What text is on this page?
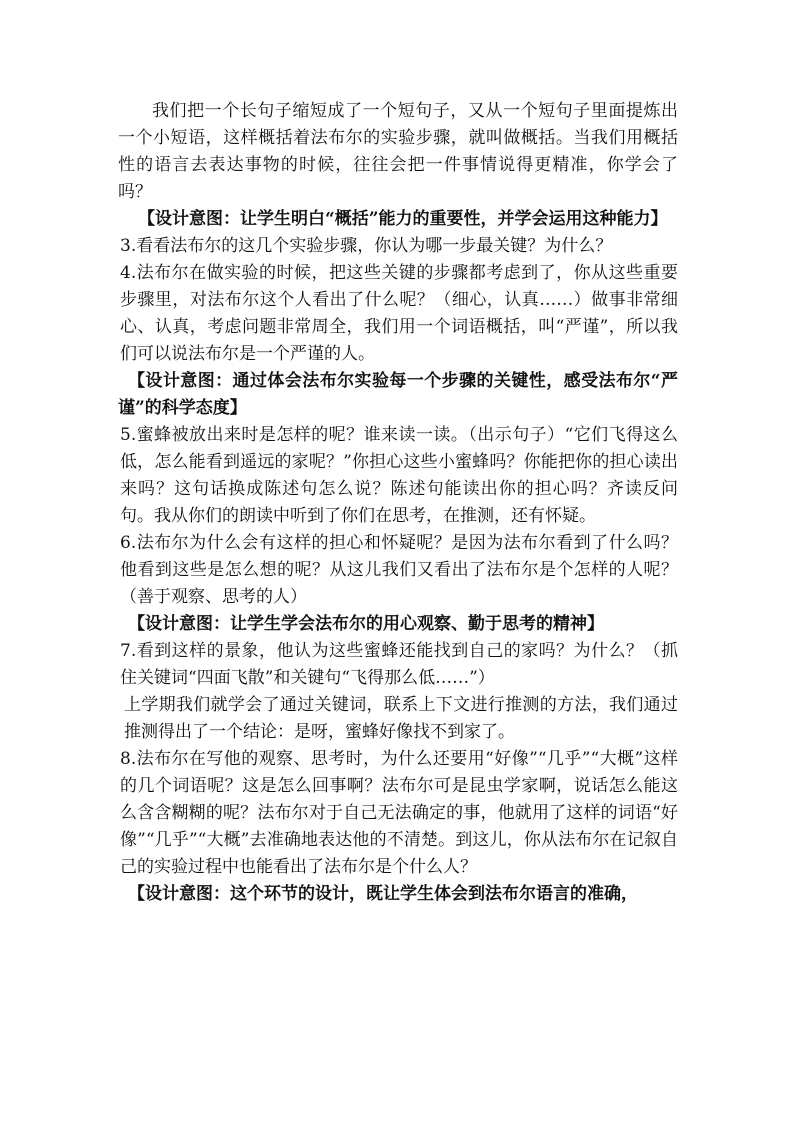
我们把一个长句子缩短成了一个短句子，又从一个短句子里面提炼出一个小短语，这样概括着法布尔的实验步骤，就叫做概括。当我们用概括性的语言去表达事物的时候，往往会把一件事情说得更精准，你学会了吗？

【设计意图：让学生明白“概括”能力的重要性，并学会运用这种能力】

3.看看法布尔的这几个实验步骤，你认为哪一步最关键？为什么？

4.法布尔在做实验的时候，把这些关键的步骤都考虑到了，你从这些重要步骤里，对法布尔这个人看出了什么呢？（细心，认真……）做事非常细心、认真，考虑问题非常周全，我们用一个词语概括，叫“严谨”，所以我们可以说法布尔是一个严谨的人。

【设计意图：通过体会法布尔实验每一个步骤的关键性，感受法布尔“严谨”的科学态度】

5.蜜蜂被放出来时是怎样的呢？谁来读一读。（出示句子）“它们飞得这么低，怎么能看到遥远的家呢？”你担心这些小蜜蜂吗？你能把你的担心读出来吗？这句话换成陈述句怎么说？陈述句能读出你的担心吗？齐读反问句。我从你们的朗读中听到了你们在思考，在推测，还有怀疑。

6.法布尔为什么会有这样的担心和怀疑呢？是因为法布尔看到了什么吗？他看到这些是怎么想的呢？从这儿我们又看出了法布尔是个怎样的人呢？　　（善于观察、思考的人）

【设计意图：让学生学会法布尔的用心观察、勤于思考的精神】

7.看到这样的景象，他认为这些蜜蜂还能找到自己的家吗？为什么？（抓住关键词“四面飞散”和关键句“飞得那么低……”）

上学期我们就学会了通过关键词，联系上下文进行推测的方法，我们通过推测得出了一个结论：是呀，蜜蜂好像找不到家了。

8.法布尔在写他的观察、思考时，为什么还要用“好像”“几乎”“大概”这样的几个词语呢？这是怎么回事啊？法布尔可是昆虫学家啊，说话怎么能这么含含糊糊的呢？法布尔对于自己无法确定的事，他就用了这样的词语“好像”“几乎”“大概”去准确地表达他的不清楚。到这儿，你从法布尔在记叙自己的实验过程中也能看出了法布尔是个什么人？

【设计意图：这个环节的设计，既让学生体会到法布尔语言的准确，
